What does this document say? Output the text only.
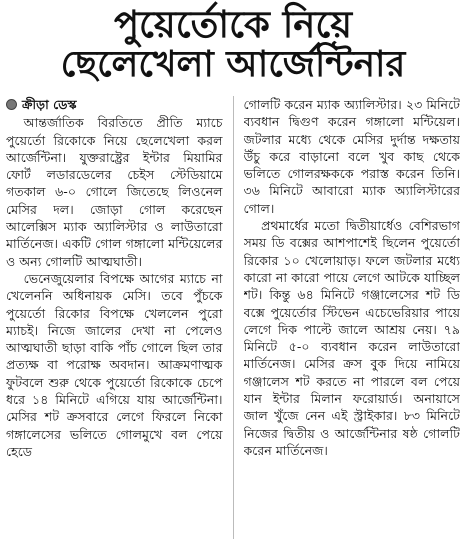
পুয়ের্তোকে নিয়ে
ছেলেখেলা আর্জেন্টিনার
ক্রীড়া ডেস্ক

আন্তর্জাতিক বিরতিতে প্রীতি ম্যাচে পুয়ের্তো রিকোকে নিয়ে ছেলেখেলা করল আর্জেন্টিনা। যুক্তরাষ্ট্রের ইন্টার মিয়ামির ফোর্ট লডারডেলের চেইস স্টেডিয়ামে গতকাল ৬-০ গোলে জিতেছে লিওনেল মেসির দল। জোড়া গোল করেছেন আলেক্সিস ম্যাক অ্যালিস্টার ও লাউতারো মার্তিনেজ। একটি গোল গঙ্গালো মন্টিয়েলের ও অন্য গোলটি আত্মঘাতী।

ভেনেজুয়েলার বিপক্ষে আগের ম্যাচে না খেলেননি অধিনায়ক মেসি। তবে পুঁচকে পুয়ের্তো রিকোর বিপক্ষে খেললেন পুরো ম্যাচই। নিজে জালের দেখা না পেলেও আত্মঘাতী ছাড়া বাকি পাঁচ গোলে ছিল তার প্রত্যক্ষ বা পরোক্ষ অবদান। আক্রমণাত্মক ফুটবলে শুরু থেকে পুয়ের্তো রিকোকে চেপে ধরে ১৪ মিনিটে এগিয়ে যায় আর্জেন্টিনা। মেসির শট ক্রসবারে লেগে ফিরলে নিকো গঙ্গালেসের ভলিতে গোলমুখে বল পেয়ে হেডে

গোলটি করেন ম্যাক অ্যালিস্টার। ২৩ মিনিটে ব্যবধান দ্বিগুণ করেন গঙ্গালো মন্টিয়েল। জটলার মধ্যে থেকে মেসির দুর্দান্ত দক্ষতায় উঁচু করে বাড়ানো বলে খুব কাছ থেকে ভলিতে গোলরক্ষককে পরাস্ত করেন তিনি। ৩৬ মিনিটে আবারো ম্যাক অ্যালিস্টারের গোল।

প্রথমার্ধের মতো দ্বিতীয়ার্ধেও বেশিরভাগ সময় ডি বক্সের আশপাশেই ছিলেন পুয়ের্তো রিকোর ১০ খেলোয়াড়। ফলে জটলার মধ্যে কারো না কারো পায়ে লেগে আটকে যাচ্ছিল শট। কিন্তু ৬৪ মিনিটে গঞ্জালেসের শট ডি বক্সে পুয়ের্তোর স্টিভেন এচেভেরিয়ার পায়ে লেগে দিক পাল্টে জালে আশ্রয় নেয়। ৭৯ মিনিটে ৫-০ ব্যবধান করেন লাউতারো মার্তিনেজ। মেসির ক্রস বুক দিয়ে নামিয়ে গঞ্জালেস শট করতে না পারলে বল পেয়ে যান ইন্টার মিলান ফরোয়ার্ড। অনায়াসে জাল খুঁজে নেন এই স্ট্রাইকার। ৮৩ মিনিটে নিজের দ্বিতীয় ও আর্জেন্টিনার ষষ্ঠ গোলটি করেন মার্তিনেজ।
